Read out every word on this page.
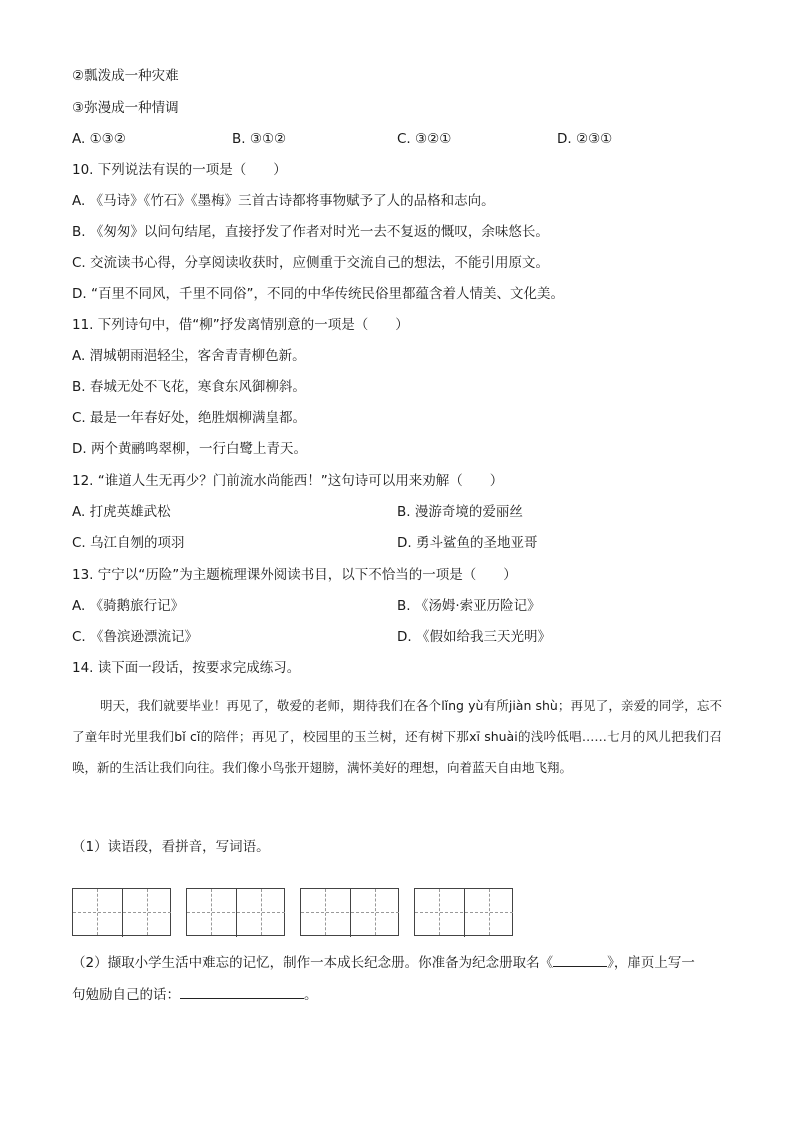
②瓢泼成一种灾难
③弥漫成一种情调
A. ①③②	B. ③①②	C. ③②①	D. ②③①
10. 下列说法有误的一项是（　　）
A. 《马诗》《竹石》《墨梅》三首古诗都将事物赋予了人的品格和志向。
B. 《匆匆》以问句结尾，直接抒发了作者对时光一去不复返的慨叹，余味悠长。
C. 交流读书心得，分享阅读收获时，应侧重于交流自己的想法，不能引用原文。
D. “百里不同风，千里不同俗”，不同的中华传统民俗里都蕴含着人情美、文化美。
11. 下列诗句中，借“柳”抒发离情别意的一项是（　　）
A. 渭城朝雨浥轻尘，客舍青青柳色新。
B. 春城无处不飞花，寒食东风御柳斜。
C. 最是一年春好处，绝胜烟柳满皇都。
D. 两个黄鹂鸣翠柳，一行白鹭上青天。
12. “谁道人生无再少？门前流水尚能西！”这句诗可以用来劝解（　　）
A. 打虎英雄武松	B. 漫游奇境的爱丽丝
C. 乌江自刎的项羽	D. 勇斗鲨鱼的圣地亚哥
13. 宁宁以“历险”为主题梳理课外阅读书目，以下不恰当的一项是（　　）
A. 《骑鹅旅行记》	B. 《汤姆·索亚历险记》
C. 《鲁滨逊漂流记》	D. 《假如给我三天光明》
14. 读下面一段话，按要求完成练习。
明天，我们就要毕业！再见了，敬爱的老师，期待我们在各个lǐng yù有所jiàn shù；再见了，亲爱的同学，忘不了童年时光里我们bǐ cǐ的陪伴；再见了，校园里的玉兰树，还有树下那xī shuài的浅吟低唱……七月的风儿把我们召唤，新的生活让我们向往。我们像小鸟张开翅膀，满怀美好的理想，向着蓝天自由地飞翔。
（1）读语段，看拼音，写词语。
（2）撷取小学生活中难忘的记忆，制作一本成长纪念册。你准备为纪念册取名《	》，扉页上写一
句勉励自己的话：	。
